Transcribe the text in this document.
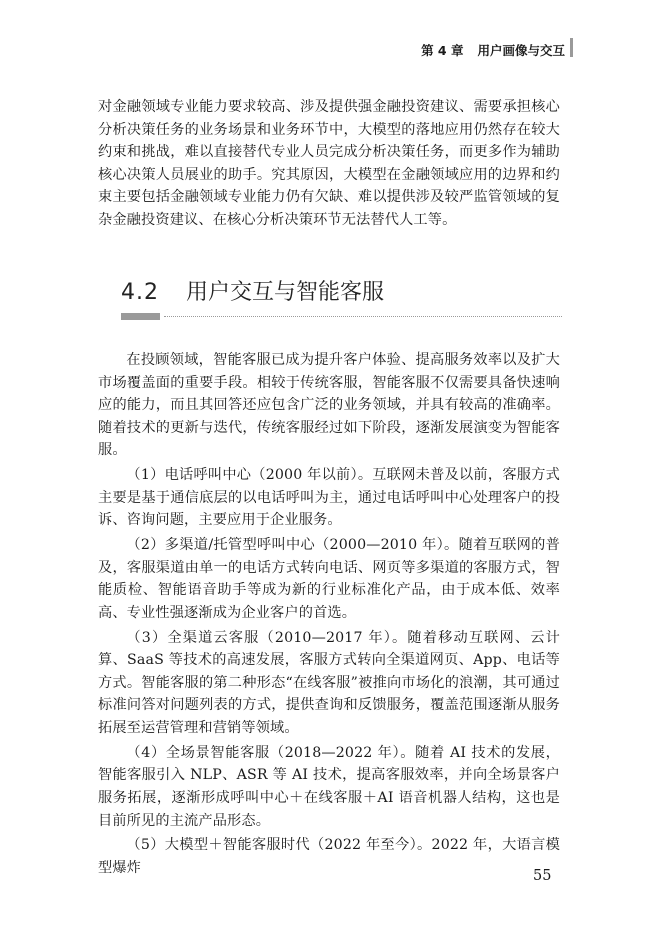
第 4 章 用户画像与交互

对金融领域专业能力要求较高、涉及提供强金融投资建议、需要承担核心分析决策任务的业务场景和业务环节中，大模型的落地应用仍然存在较大约束和挑战，难以直接替代专业人员完成分析决策任务，而更多作为辅助核心决策人员展业的助手。究其原因，大模型在金融领域应用的边界和约束主要包括金融领域专业能力仍有欠缺、难以提供涉及较严监管领域的复杂金融投资建议、在核心分析决策环节无法替代人工等。

4.2 用户交互与智能客服

在投顾领域，智能客服已成为提升客户体验、提高服务效率以及扩大市场覆盖面的重要手段。相较于传统客服，智能客服不仅需要具备快速响应的能力，而且其回答还应包含广泛的业务领域，并具有较高的准确率。随着技术的更新与迭代，传统客服经过如下阶段，逐渐发展演变为智能客服。

（1）电话呼叫中心（2000 年以前）。互联网未普及以前，客服方式主要是基于通信底层的以电话呼叫为主，通过电话呼叫中心处理客户的投诉、咨询问题，主要应用于企业服务。

（2）多渠道/托管型呼叫中心（2000—2010 年）。随着互联网的普及，客服渠道由单一的电话方式转向电话、网页等多渠道的客服方式，智能质检、智能语音助手等成为新的行业标准化产品，由于成本低、效率高、专业性强逐渐成为企业客户的首选。

（3）全渠道云客服（2010—2017 年）。随着移动互联网、云计算、SaaS 等技术的高速发展，客服方式转向全渠道网页、App、电话等方式。智能客服的第二种形态“在线客服”被推向市场化的浪潮，其可通过标准问答对问题列表的方式，提供查询和反馈服务，覆盖范围逐渐从服务拓展至运营管理和营销等领域。

（4）全场景智能客服（2018—2022 年）。随着 AI 技术的发展，智能客服引入 NLP、ASR 等 AI 技术，提高客服效率，并向全场景客户服务拓展，逐渐形成呼叫中心＋在线客服＋AI 语音机器人结构，这也是目前所见的主流产品形态。

（5）大模型＋智能客服时代（2022 年至今）。2022 年，大语言模型爆炸	55
